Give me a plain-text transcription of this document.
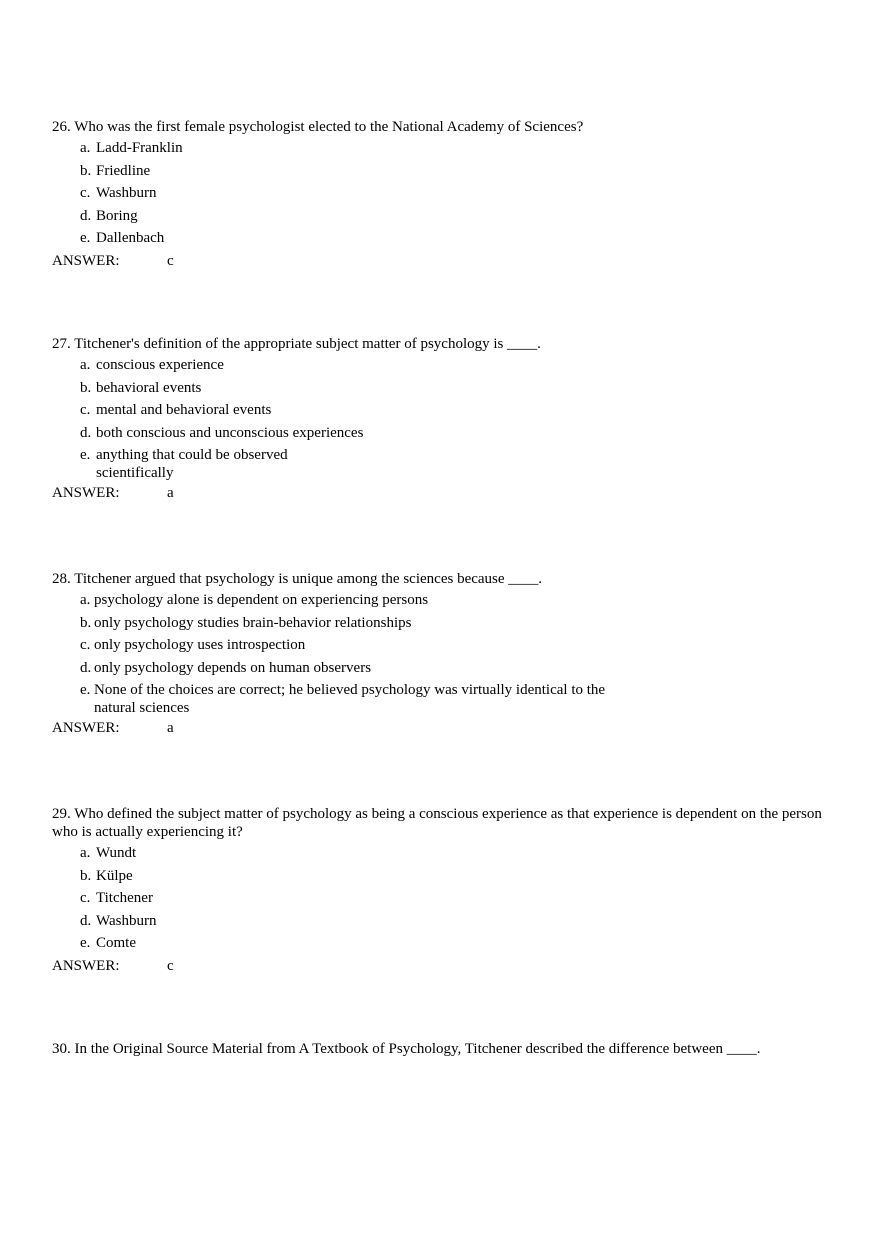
26. Who was the first female psychologist elected to the National Academy of Sciences?
a. Ladd-Franklin
b. Friedline
c. Washburn
d. Boring
e. Dallenbach
ANSWER:	c
27. Titchener's definition of the appropriate subject matter of psychology is ____.
a. conscious experience
b. behavioral events
c. mental and behavioral events
d. both conscious and unconscious experiences
e. anything that could be observed scientifically
ANSWER:	a
28. Titchener argued that psychology is unique among the sciences because ____.
a. psychology alone is dependent on experiencing persons
b. only psychology studies brain-behavior relationships
c. only psychology uses introspection
d. only psychology depends on human observers
e. None of the choices are correct; he believed psychology was virtually identical to the natural sciences
ANSWER:	a
29. Who defined the subject matter of psychology as being a conscious experience as that experience is dependent on the person who is actually experiencing it?
a. Wundt
b. Külpe
c. Titchener
d. Washburn
e. Comte
ANSWER:	c
30. In the Original Source Material from A Textbook of Psychology, Titchener described the difference between ____.
